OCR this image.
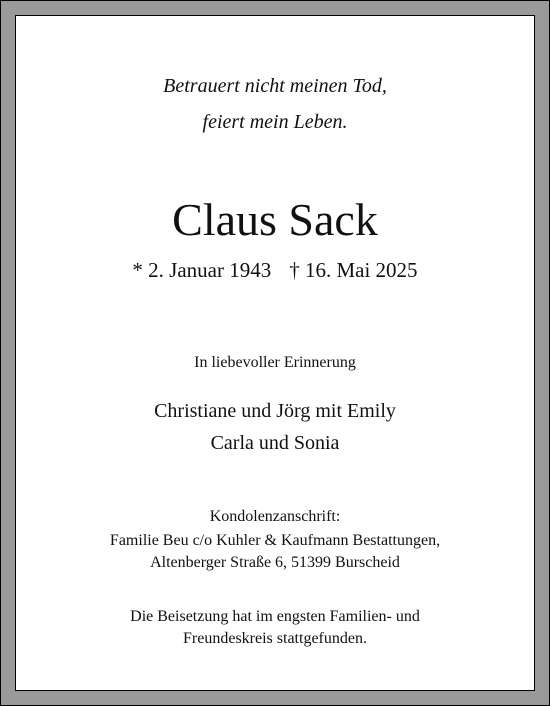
Betrauert nicht meinen Tod,
feiert mein Leben.
Claus Sack
* 2. Januar 1943 † 16. Mai 2025
In liebevoller Erinnerung
Christiane und Jörg mit Emily
Carla und Sonia
Kondolenzanschrift:
Familie Beu c/o Kuhler & Kaufmann Bestattungen,
Altenberger Straße 6, 51399 Burscheid
Die Beisetzung hat im engsten Familien- und
Freundeskreis stattgefunden.
